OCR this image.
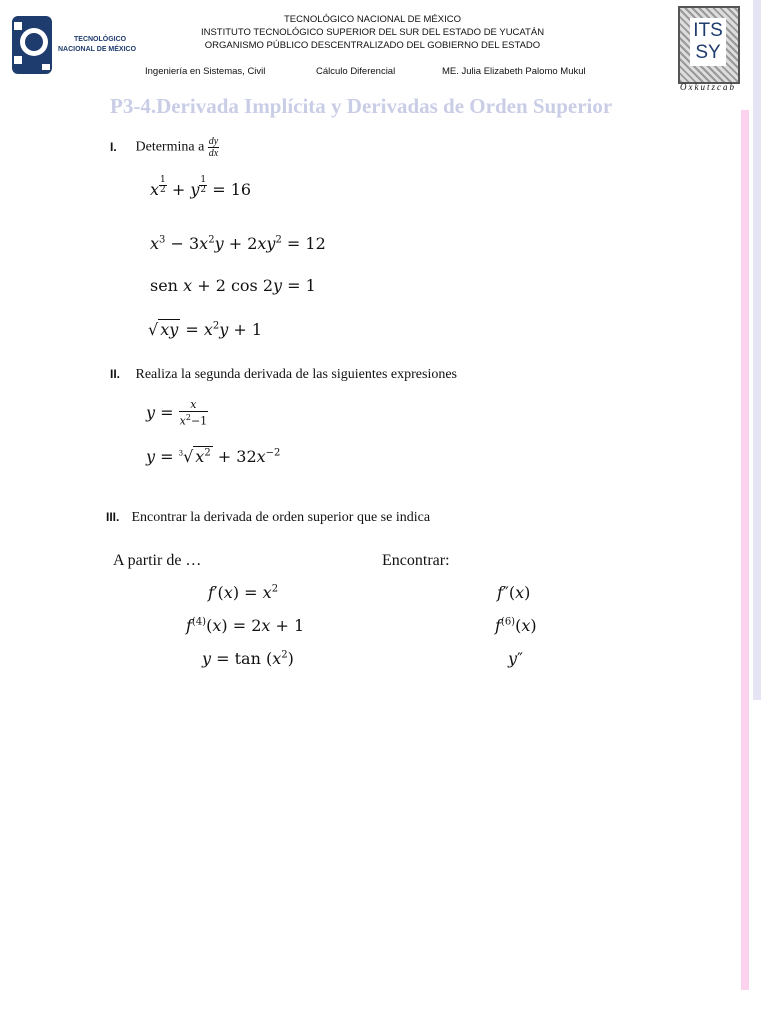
TECNOLÓGICO
NACIONAL DE MÉXICO
TECNOLÓGICO NACIONAL DE MÉXICO
INSTITUTO TECNOLÓGICO SUPERIOR DEL SUR DEL ESTADO DE YUCATÁN
ORGANISMO PÚBLICO DESCENTRALIZADO DEL GOBIERNO DEL ESTADO
Ingeniería en Sistemas, Civil	Cálculo Diferencial	ME. Julia Elizabeth Palomo Mukul
ITS
SY
Oxkutzcab
P3-4.Derivada Implícita y Derivadas de Orden Superior
I. Determina a $\frac{dy}{dx}$
x $\frac{1}{2} + y \frac{1}{2} = 16$
$x^3 - 3x^2y + 2xy^2 = 12$
sen x + 2 cos 2y = 1
√ xy = $x^2y + 1$
II. Realiza la segunda derivada de las siguientes expresiones
$y = \frac{x}{x^2-1}$
y = $^3$√ $x^2 + 32x^{-2}$
III. Encontrar la derivada de orden superior que se indica
A partir de …	Encontrar:
$f'(x) = x^2$	f″(x)
$f^{(4)}(x) = 2x + 1$	$f^{(6)}(x)$
$y = \tan (x^2)$	y″
